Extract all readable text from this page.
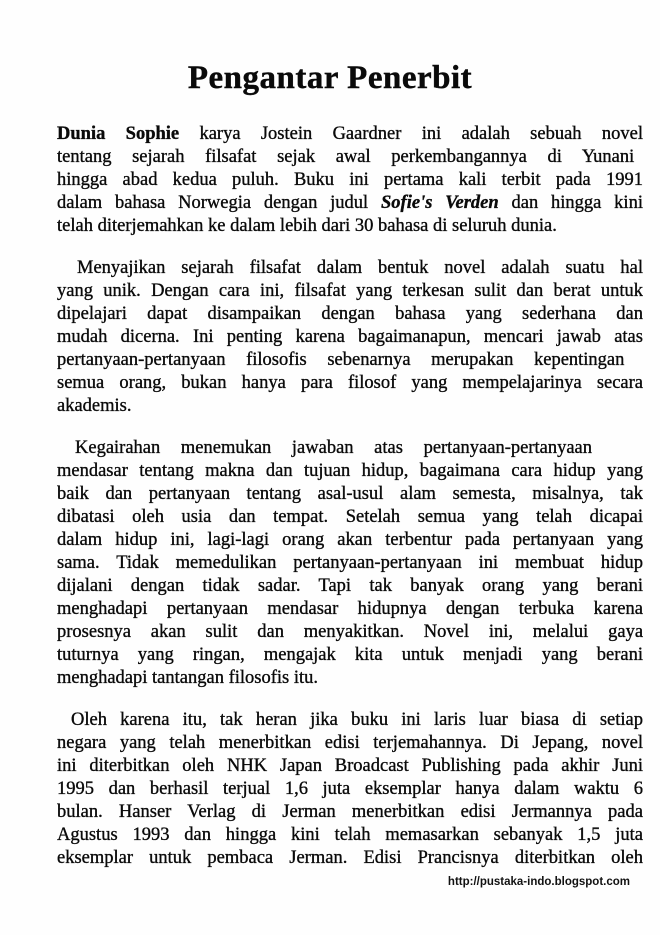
Pengantar Penerbit
Dunia Sophie karya Jostein Gaardner ini adalah sebuah novel
tentang sejarah filsafat sejak awal perkembangannya di Yunani
hingga abad kedua puluh. Buku ini pertama kali terbit pada 1991
dalam bahasa Norwegia dengan judul Sofie's Verden dan hingga kini
telah diterjemahkan ke dalam lebih dari 30 bahasa di seluruh dunia.
Menyajikan sejarah filsafat dalam bentuk novel adalah suatu hal
yang unik. Dengan cara ini, filsafat yang terkesan sulit dan berat untuk
dipelajari dapat disampaikan dengan bahasa yang sederhana dan
mudah dicerna. Ini penting karena bagaimanapun, mencari jawab atas
pertanyaan-pertanyaan filosofis sebenarnya merupakan kepentingan
semua orang, bukan hanya para filosof yang mempelajarinya secara
akademis.
Kegairahan menemukan jawaban atas pertanyaan-pertanyaan
mendasar tentang makna dan tujuan hidup, bagaimana cara hidup yang
baik dan pertanyaan tentang asal-usul alam semesta, misalnya, tak
dibatasi oleh usia dan tempat. Setelah semua yang telah dicapai
dalam hidup ini, lagi-lagi orang akan terbentur pada pertanyaan yang
sama. Tidak memedulikan pertanyaan-pertanyaan ini membuat hidup
dijalani dengan tidak sadar. Tapi tak banyak orang yang berani
menghadapi pertanyaan mendasar hidupnya dengan terbuka karena
prosesnya akan sulit dan menyakitkan. Novel ini, melalui gaya
tuturnya yang ringan, mengajak kita untuk menjadi yang berani
menghadapi tantangan filosofis itu.
Oleh karena itu, tak heran jika buku ini laris luar biasa di setiap
negara yang telah menerbitkan edisi terjemahannya. Di Jepang, novel
ini diterbitkan oleh NHK Japan Broadcast Publishing pada akhir Juni
1995 dan berhasil terjual 1,6 juta eksemplar hanya dalam waktu 6
bulan. Hanser Verlag di Jerman menerbitkan edisi Jermannya pada
Agustus 1993 dan hingga kini telah memasarkan sebanyak 1,5 juta
eksemplar untuk pembaca Jerman. Edisi Prancisnya diterbitkan oleh
http://pustaka-indo.blogspot.com
